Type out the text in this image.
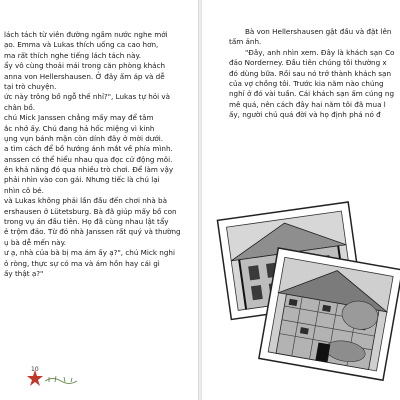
lách tách từ viên đường ngầm nước nghe mới
ạo. Emma và Lukas thích uống ca cao hơn,
ma rất thích nghe tiếng lách tách này.
ẩy vô cùng thoải mái trong căn phòng khách
anna von Hellershausen. Ở đây ấm áp và dễ
tại trò chuyện.
ức này trông bồ ngỗ thế nhỉ?", Lukas tự hỏi và
chân bồ.
chú Mick Janssen chẳng mấy may để tâm
ắc nhở ấy. Chú đang hả hốc miệng vì kinh
ụng vụn bánh mận còn dính đây ở mời dưới.
a tìm cách để bồ hướng ánh mắt về phía mình.
anssen có thể hiểu nhau qua đọc cử động môi.
ên khả năng đó qua nhiều trò chơi. Để làm vậy
phải nhìn vào con gái. Nhưng tiếc là chú lại
nhìn cô bé.
và Lukas không phải lần đầu đến chơi nhà bà
ershausen ở Lütetsburg. Bà đã giúp mấy bồ con
trong vụ án đầu tiên. Họ đã cùng nhau lật tẩy
ẻ trộm đảo. Từ đó nhà Janssen rất quý và thường
ụ bà dễ mến này.
ư ạ, nhà của bà bị ma ám ấy ạ?", chú Mick nghi
ỏ ròng, thực sự có ma và ám hồn hay cái gì
ấy thật ạ?"
10
Bà von Hellershausen gật đầu và đặt lên
tấm ảnh.
"Đây, anh nhìn xem. Đây là khách sạn Co
đảo Norderney. Đầu tiên chúng tôi thường x
đó dùng bữa. Rồi sau nó trở thành khách sạn
của vợ chồng tôi. Trước kia năm nào chúng
nghỉ ở đó vài tuần. Cái khách sạn ấm cúng ng
mê quá, nên cách đây hai năm tôi đã mua l
ấy, người chủ quá đời và họ định phá nó đ
